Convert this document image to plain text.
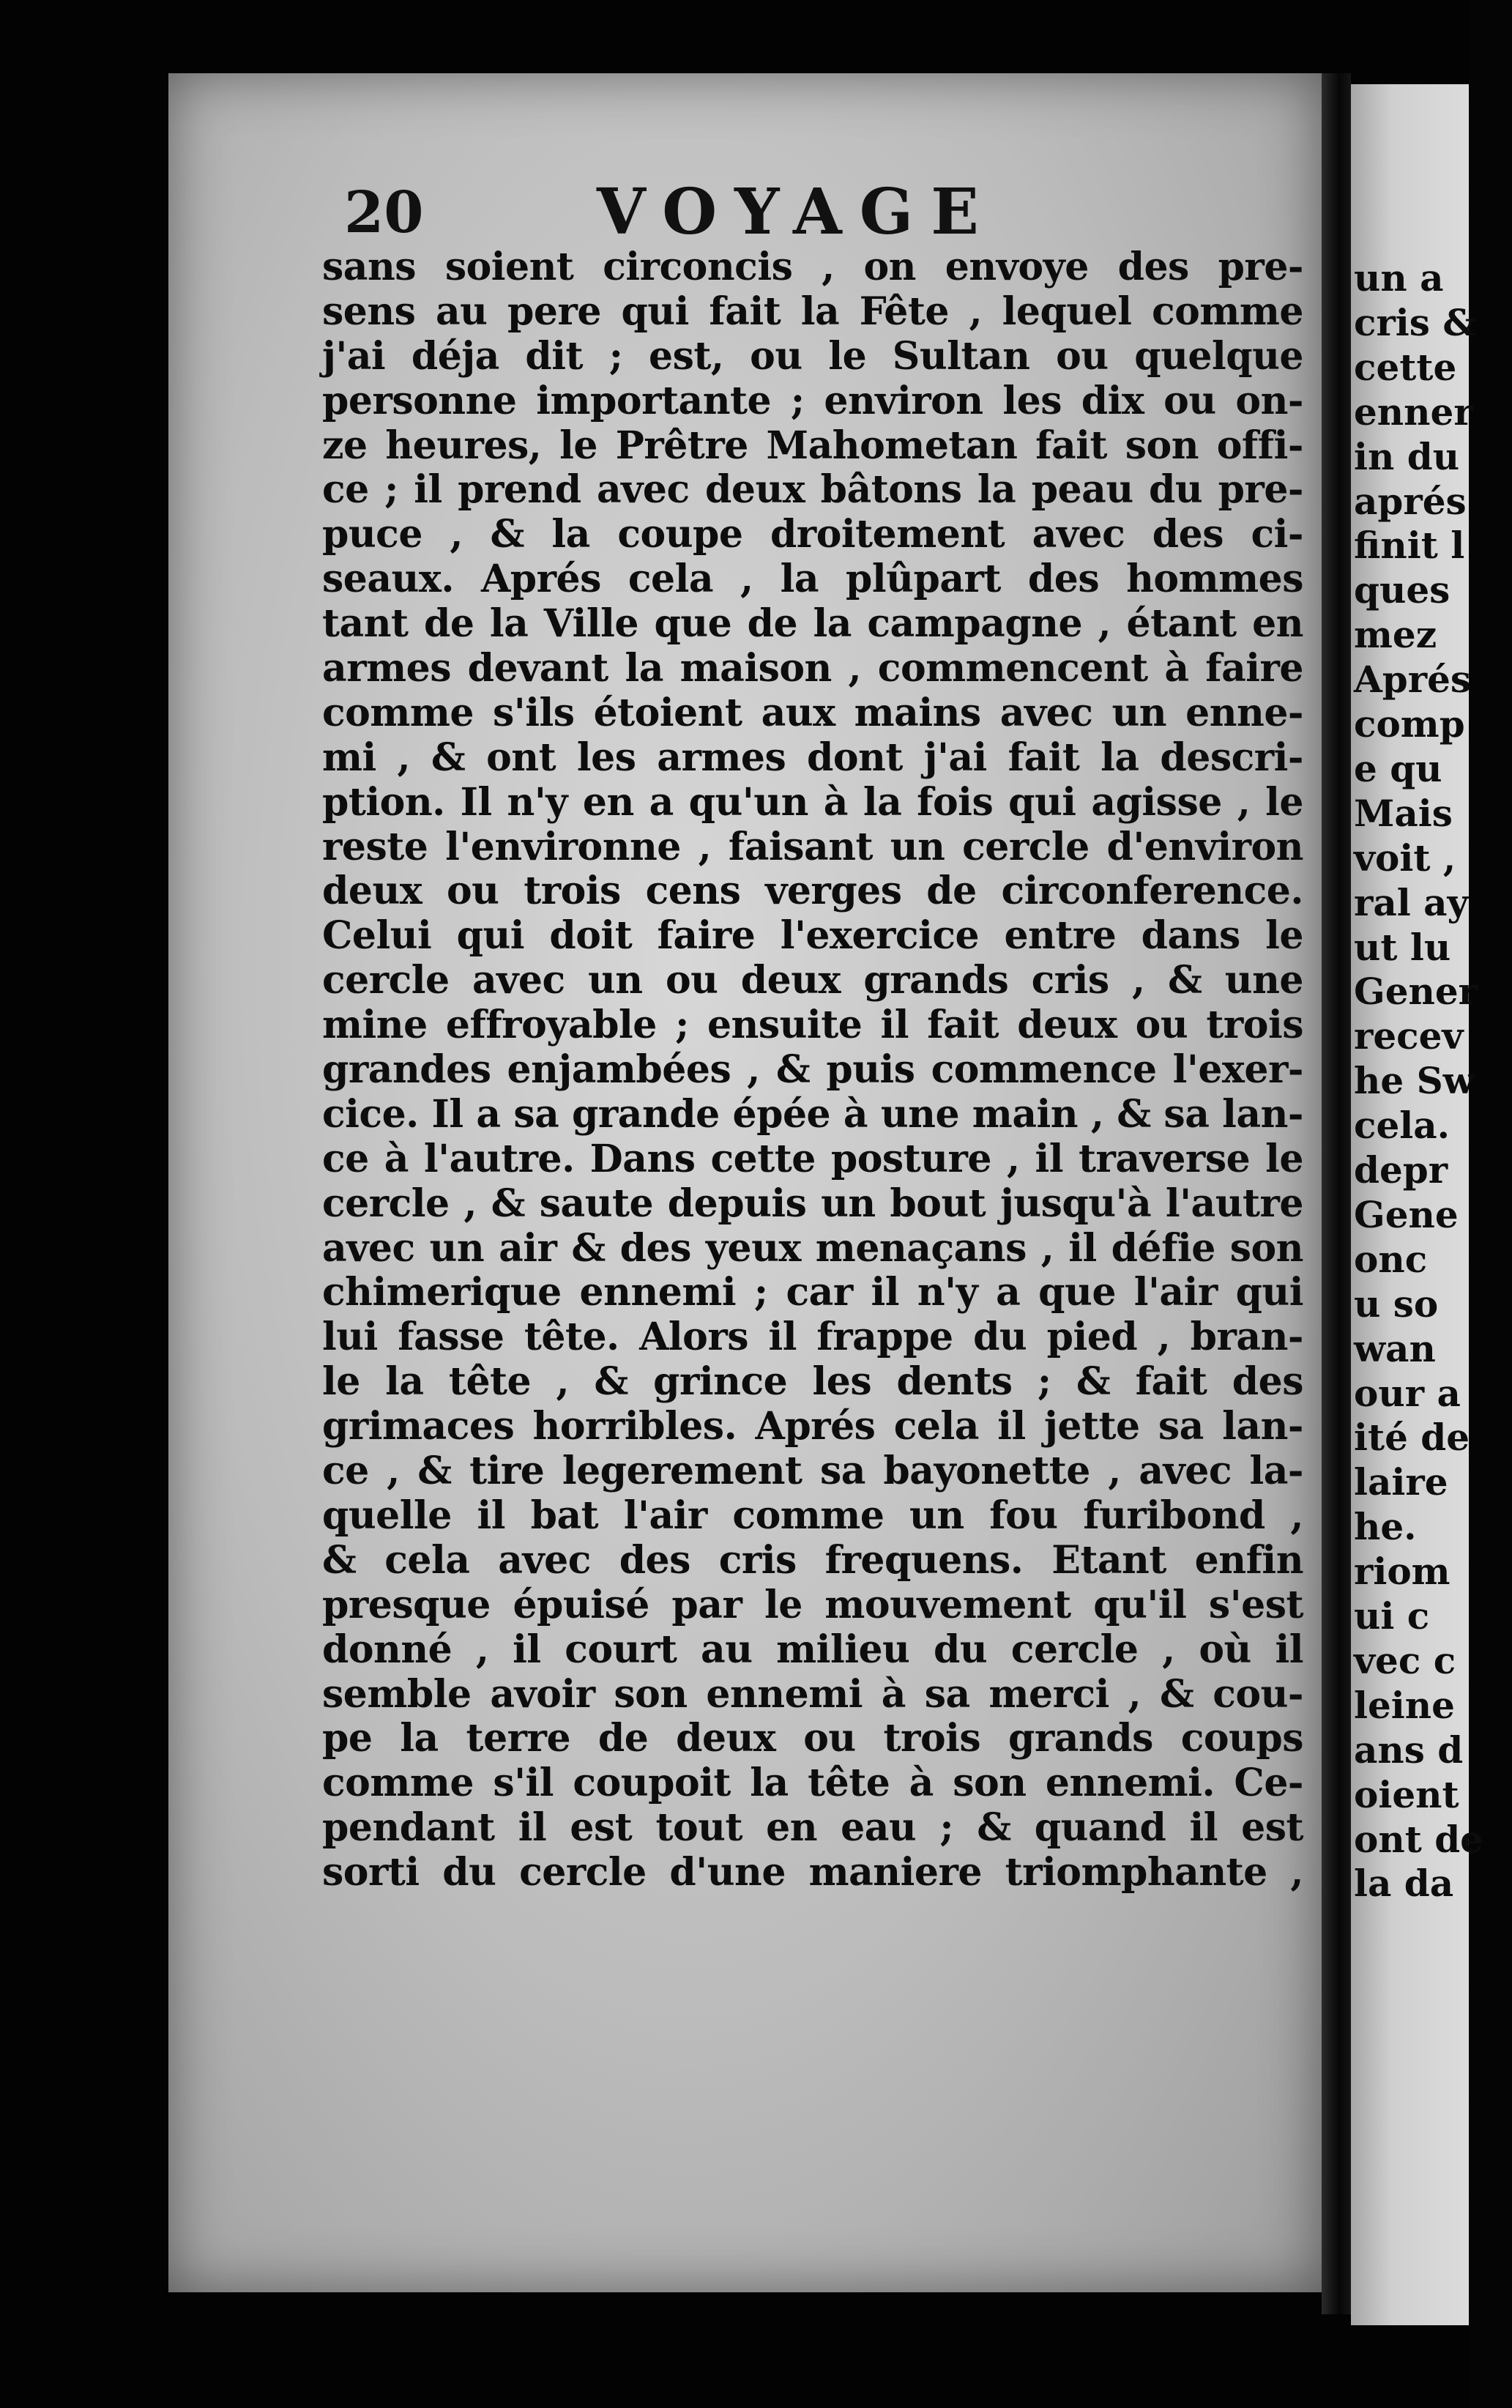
un a
cris &
cette
enner
in du
aprés
finit l
ques
mez
Aprés
comp
e qu
Mais
voit ,
ral ay
ut lu
Gener
recev
he Sw
cela.
depr
Gene
onc
u so
wan
our a
ité de
laire
he.
riom
ui c
vec c
leine
ans d
oient
ont de
la da
20	VOYAGE
sans soient circoncis , on envoye des pre-
sens au pere qui fait la Fête , lequel comme
j'ai déja dit ; est, ou le Sultan ou quelque
personne importante ; environ les dix ou on-
ze heures, le Prêtre Mahometan fait son offi-
ce ; il prend avec deux bâtons la peau du pre-
puce , & la coupe droitement avec des ci-
seaux. Aprés cela , la plûpart des hommes
tant de la Ville que de la campagne , étant en
armes devant la maison , commencent à faire
comme s'ils étoient aux mains avec un enne-
mi , & ont les armes dont j'ai fait la descri-
ption. Il n'y en a qu'un à la fois qui agisse , le
reste l'environne , faisant un cercle d'environ
deux ou trois cens verges de circonference.
Celui qui doit faire l'exercice entre dans le
cercle avec un ou deux grands cris , & une
mine effroyable ; ensuite il fait deux ou trois
grandes enjambées , & puis commence l'exer-
cice. Il a sa grande épée à une main , & sa lan-
ce à l'autre. Dans cette posture , il traverse le
cercle , & saute depuis un bout jusqu'à l'autre
avec un air & des yeux menaçans , il défie son
chimerique ennemi ; car il n'y a que l'air qui
lui fasse tête. Alors il frappe du pied , bran-
le la tête , & grince les dents ; & fait des
grimaces horribles. Aprés cela il jette sa lan-
ce , & tire legerement sa bayonette , avec la-
quelle il bat l'air comme un fou furibond ,
& cela avec des cris frequens. Etant enfin
presque épuisé par le mouvement qu'il s'est
donné , il court au milieu du cercle , où il
semble avoir son ennemi à sa merci , & cou-
pe la terre de deux ou trois grands coups
comme s'il coupoit la tête à son ennemi. Ce-
pendant il est tout en eau ; & quand il est
sorti du cercle d'une maniere triomphante ,
